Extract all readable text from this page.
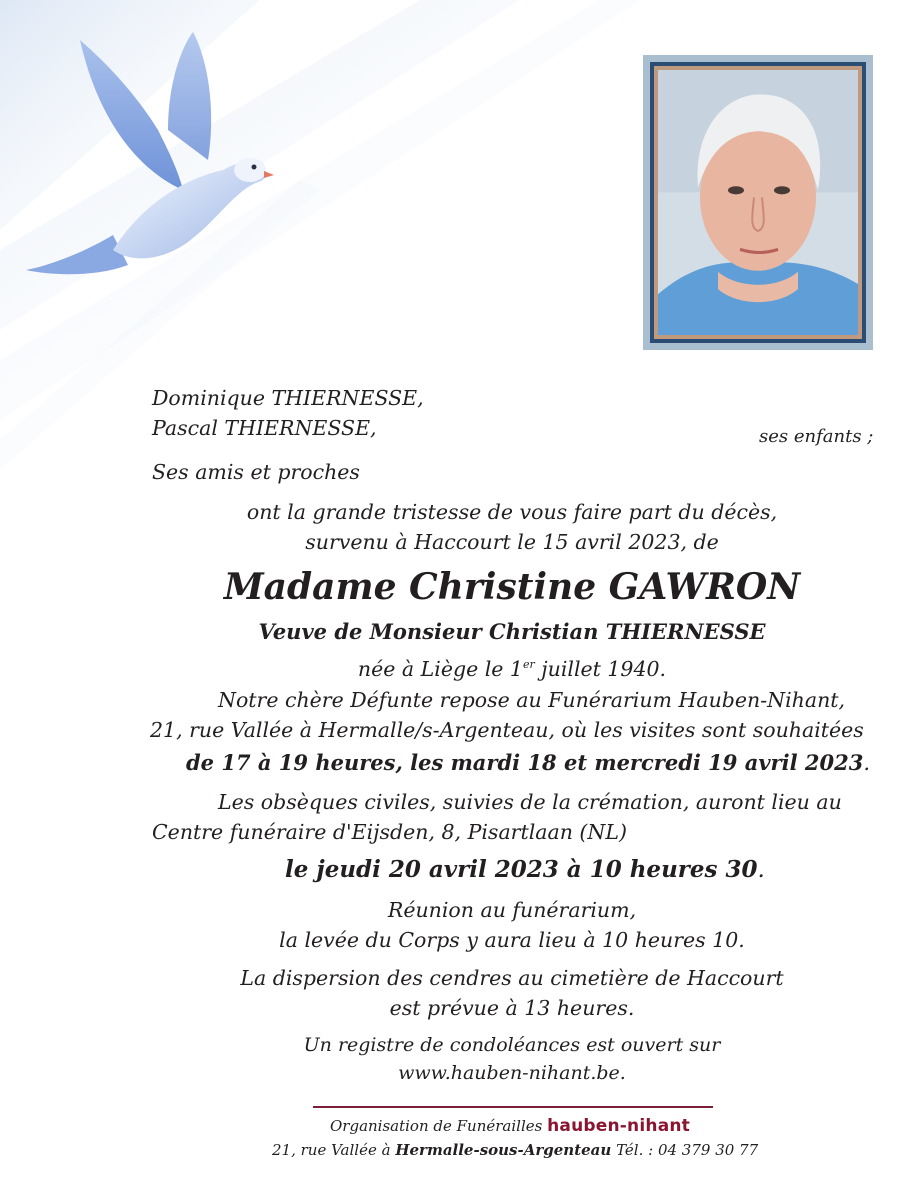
Dominique THIERNESSE,
Pascal THIERNESSE,	ses enfants ;
Ses amis et proches
ont la grande tristesse de vous faire part du décès,
survenu à Haccourt le 15 avril 2023, de
Madame Christine GAWRON
Veuve de Monsieur Christian THIERNESSE
née à Liège le 1er juillet 1940.
Notre chère Défunte repose au Funérarium Hauben-Nihant,
21, rue Vallée à Hermalle/s-Argenteau, où les visites sont souhaitées
de 17 à 19 heures, les mardi 18 et mercredi 19 avril 2023.
Les obsèques civiles, suivies de la crémation, auront lieu au
Centre funéraire d'Eijsden, 8, Pisartlaan (NL)
le jeudi 20 avril 2023 à 10 heures 30.
Réunion au funérarium,
la levée du Corps y aura lieu à 10 heures 10.
La dispersion des cendres au cimetière de Haccourt
est prévue à 13 heures.
Un registre de condoléances est ouvert sur
www.hauben-nihant.be.
Organisation de Funérailles hauben-nihant
21, rue Vallée à Hermalle-sous-Argenteau Tél. : 04 379 30 77
